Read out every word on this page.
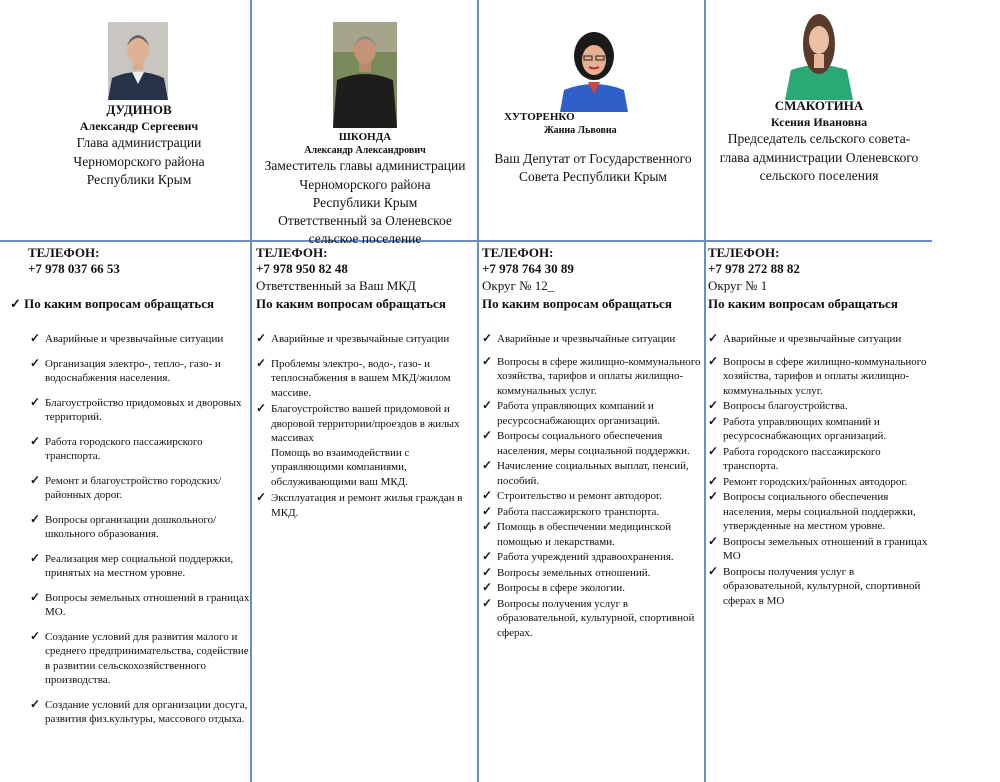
ДУДИНОВ
Александр Сергеевич
Глава администрации
Черноморского района
Республики Крым
ТЕЛЕФОН:
+7 978 037 66 53
✓ По каким вопросам обращаться
✓ Аварийные и чрезвычайные ситуации
✓ Организация электро-, тепло-, газо- и водоснабжения населения.
✓ Благоустройство придомовых и дворовых территорий.
✓ Работа городского пассажирского транспорта.
✓ Ремонт и благоустройство городских/ районных дорог.
✓ Вопросы организации дошкольного/ школьного образования.
✓ Реализация мер социальной поддержки, принятых на местном уровне.
✓ Вопросы земельных отношений в границах МО.
✓ Создание условий для развития малого и среднего предпринимательства, содействие в развитии сельскохозяйственного производства.
✓ Создание условий для организации досуга, развития физ.культуры, массового отдыха.
ШКОНДА
Александр Александрович
Заместитель главы администрации
Черноморского района
Республики Крым
Ответственный за Оленевское
сельское поселение
ТЕЛЕФОН:
+7 978 950 82 48
Ответственный за Ваш МКД
По каким вопросам обращаться
✓ Аварийные и чрезвычайные ситуации
✓ Проблемы электро-, водо-, газо- и теплоснабжения в вашем МКД/жилом массиве.
✓ Благоустройство вашей придомовой и дворовой территории/проездов в жилых массивах
Помощь во взаимодействии с управляющими компаниями, обслуживающими ваш МКД.
✓ Эксплуатация и ремонт жилья граждан в МКД.
ХУТОРЕНКО
Жанна Львовна
Ваш Депутат от Государственного
Совета Республики Крым
ТЕЛЕФОН:
+7 978 764 30 89
Округ № 12_
По каким вопросам обращаться
✓ Аварийные и чрезвычайные ситуации
✓ Вопросы в сфере жилищно-коммунального хозяйства, тарифов и оплаты жилищно-коммунальных услуг.
✓ Работа управляющих компаний и ресурсоснабжающих организаций.
✓ Вопросы социального обеспечения населения, меры социальной поддержки.
✓ Начисление социальных выплат, пенсий, пособий.
✓ Строительство и ремонт автодорог.
✓ Работа пассажирского транспорта.
✓ Помощь в обеспечении медицинской помощью и лекарствами.
✓ Работа учреждений здравоохранения.
✓ Вопросы земельных отношений.
✓ Вопросы в сфере экологии.
✓ Вопросы получения услуг в образовательной, культурной, спортивной сферах.
СМАКОТИНА
Ксения Ивановна
Председатель сельского совета-
глава администрации Оленевского
сельского поселения
ТЕЛЕФОН:
+7 978 272 88 82
Округ № 1
По каким вопросам обращаться
✓ Аварийные и чрезвычайные ситуации
✓ Вопросы в сфере жилищно-коммунального хозяйства, тарифов и оплаты жилищно-коммунальных услуг.
✓ Вопросы благоустройства.
✓ Работа управляющих компаний и ресурсоснабжающих организаций.
✓ Работа городского пассажирского транспорта.
✓ Ремонт городских/районных автодорог.
✓ Вопросы социального обеспечения населения, меры социальной поддержки, утвержденные на местном уровне.
✓ Вопросы земельных отношений в границах МО
✓ Вопросы получения услуг в образовательной, культурной, спортивной сферах в МО
